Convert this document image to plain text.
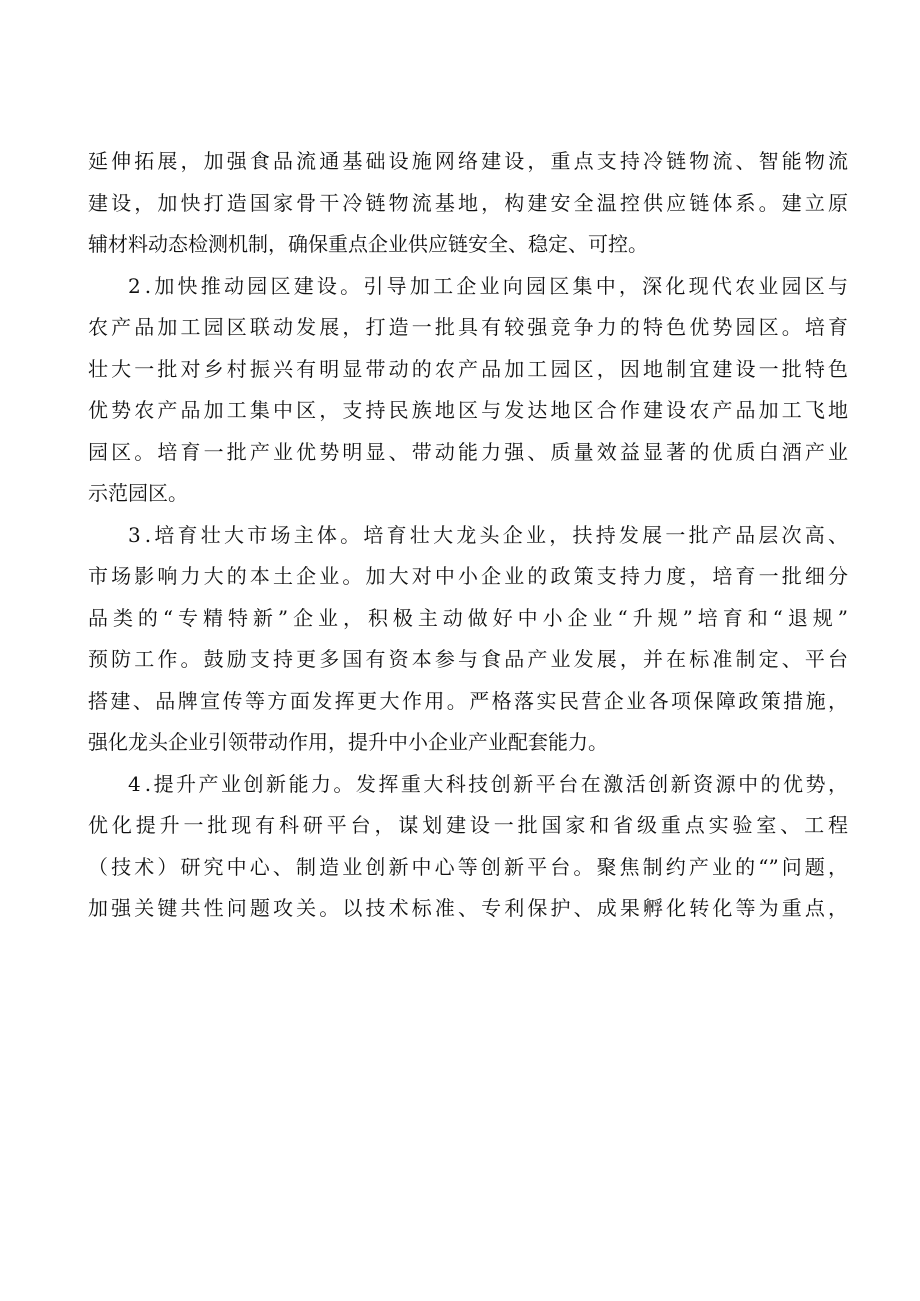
延伸拓展，加强食品流通基础设施网络建设，重点支持冷链物流、智能物流
建设，加快打造国家骨干冷链物流基地，构建安全温控供应链体系。建立原
辅材料动态检测机制，确保重点企业供应链安全、稳定、可控。
2 .加快推动园区建设。引导加工企业向园区集中，深化现代农业园区与
农产品加工园区联动发展，打造一批具有较强竞争力的特色优势园区。培育
壮大一批对乡村振兴有明显带动的农产品加工园区，因地制宜建设一批特色
优势农产品加工集中区，支持民族地区与发达地区合作建设农产品加工飞地
园区。培育一批产业优势明显、带动能力强、质量效益显著的优质白酒产业
示范园区。
3 .培育壮大市场主体。培育壮大龙头企业，扶持发展一批产品层次高、
市场影响力大的本土企业。加大对中小企业的政策支持力度，培育一批细分
品类的“专精特新”企业，积极主动做好中小企业“升规”培育和“退规”
预防工作。鼓励支持更多国有资本参与食品产业发展，并在标准制定、平台
搭建、品牌宣传等方面发挥更大作用。严格落实民营企业各项保障政策措施，
强化龙头企业引领带动作用，提升中小企业产业配套能力。
4 .提升产业创新能力。发挥重大科技创新平台在激活创新资源中的优势，
优化提升一批现有科研平台，谋划建设一批国家和省级重点实验室、工程
（技术）研究中心、制造业创新中心等创新平台。聚焦制约产业的“”问题，
加强关键共性问题攻关。以技术标准、专利保护、成果孵化转化等为重点，
